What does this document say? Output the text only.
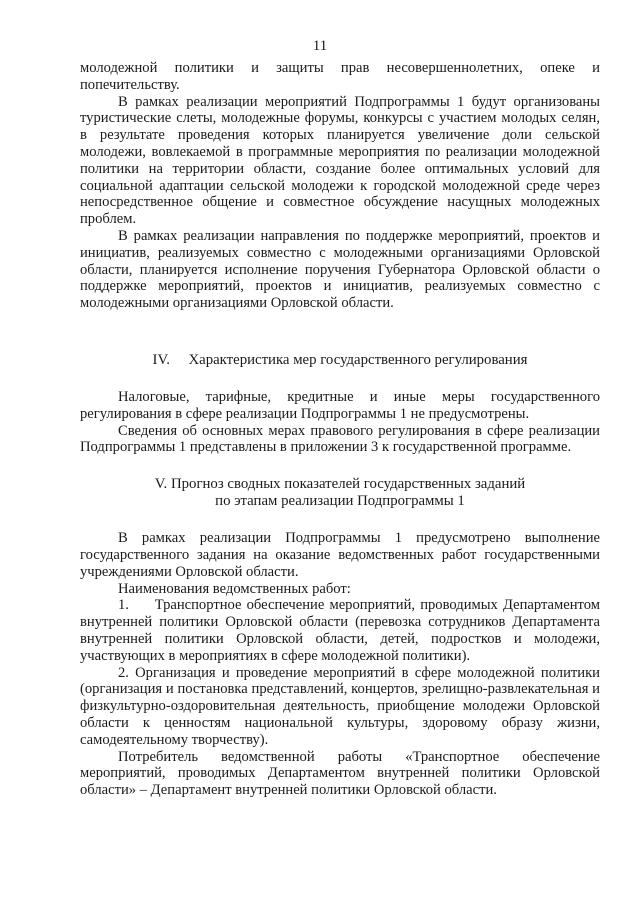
11

молодежной политики и защиты прав несовершеннолетних, опеке и попечительству.

В рамках реализации мероприятий Подпрограммы 1 будут организованы туристические слеты, молодежные форумы, конкурсы с участием молодых селян, в результате проведения которых планируется увеличение доли сельской молодежи, вовлекаемой в программные мероприятия по реализации молодежной политики на территории области, создание более оптимальных условий для социальной адаптации сельской молодежи к городской молодежной среде через непосредственное общение и совместное обсуждение насущных молодежных проблем.

В рамках реализации направления по поддержке мероприятий, проектов и инициатив, реализуемых совместно с молодежными организациями Орловской области, планируется исполнение поручения Губернатора Орловской области о поддержке мероприятий, проектов и инициатив, реализуемых совместно с молодежными организациями Орловской области.

IV.     Характеристика мер государственного регулирования

Налоговые, тарифные, кредитные и иные меры государственного регулирования в сфере реализации Подпрограммы 1 не предусмотрены.

Сведения об основных мерах правового регулирования в сфере реализации Подпрограммы 1 представлены в приложении 3 к государственной программе.

V. Прогноз сводных показателей государственных заданий
по этапам реализации Подпрограммы 1

В рамках реализации Подпрограммы 1 предусмотрено выполнение государственного задания на оказание ведомственных работ государственными учреждениями Орловской области.

Наименования ведомственных работ:

1.     Транспортное обеспечение мероприятий, проводимых Департаментом внутренней политики Орловской области (перевозка сотрудников Департамента внутренней политики Орловской области, детей, подростков и молодежи, участвующих в мероприятиях в сфере молодежной политики).

2. Организация и проведение мероприятий в сфере молодежной политики (организация и постановка представлений, концертов, зрелищно-развлекательная и физкультурно-оздоровительная деятельность, приобщение молодежи Орловской области к ценностям национальной культуры, здоровому образу жизни, самодеятельному творчеству).

Потребитель ведомственной работы «Транспортное обеспечение мероприятий, проводимых Департаментом внутренней политики Орловской области» – Департамент внутренней политики Орловской области.
